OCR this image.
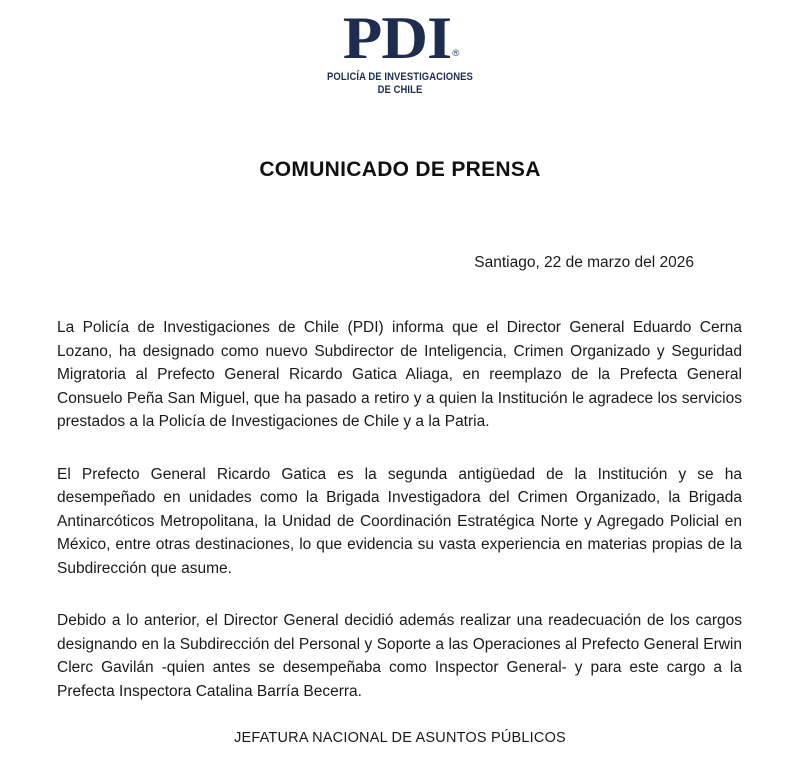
PDI®
POLICÍA DE INVESTIGACIONES
DE CHILE
COMUNICADO DE PRENSA
Santiago, 22 de marzo del 2026

La Policía de Investigaciones de Chile (PDI) informa que el Director General Eduardo Cerna Lozano, ha designado como nuevo Subdirector de Inteligencia, Crimen Organizado y Seguridad Migratoria al Prefecto General Ricardo Gatica Aliaga, en reemplazo de la Prefecta General Consuelo Peña San Miguel, que ha pasado a retiro y a quien la Institución le agradece los servicios prestados a la Policía de Investigaciones de Chile y a la Patria.

El Prefecto General Ricardo Gatica es la segunda antigüedad de la Institución y se ha desempeñado en unidades como la Brigada Investigadora del Crimen Organizado, la Brigada Antinarcóticos Metropolitana, la Unidad de Coordinación Estratégica Norte y Agregado Policial en México, entre otras destinaciones, lo que evidencia su vasta experiencia en materias propias de la Subdirección que asume.

Debido a lo anterior, el Director General decidió además realizar una readecuación de los cargos designando en la Subdirección del Personal y Soporte a las Operaciones al Prefecto General Erwin Clerc Gavilán -quien antes se desempeñaba como Inspector General- y para este cargo a la Prefecta Inspectora Catalina Barría Becerra.

JEFATURA NACIONAL DE ASUNTOS PÚBLICOS
